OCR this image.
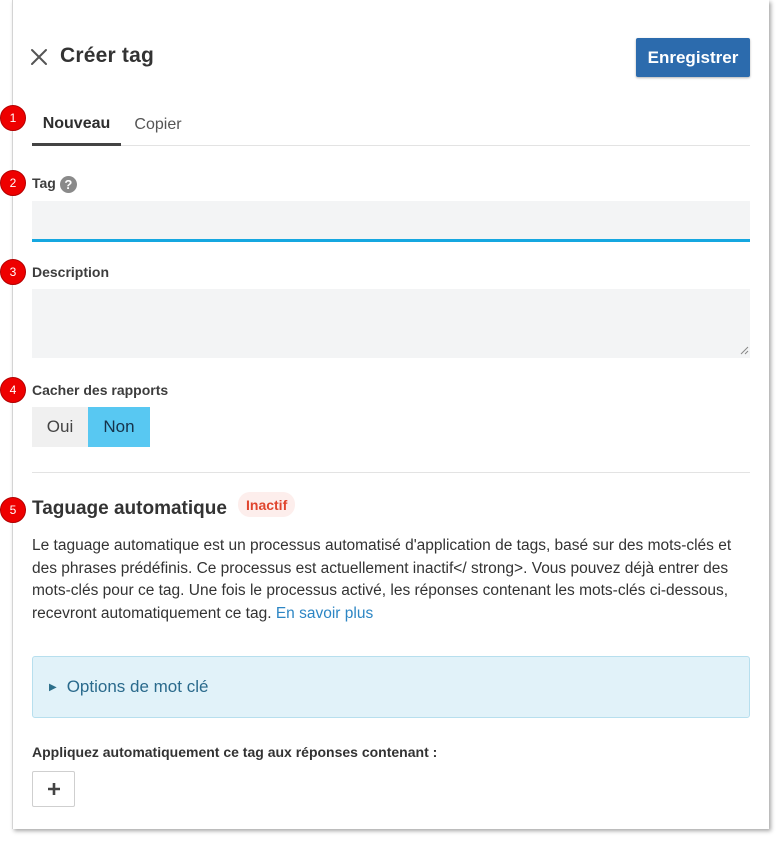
Créer tag	Enregistrer
1
2
3
4
5
Nouveau	Copier
Tag ?
Description
Cacher des rapports
Oui	Non
Taguage automatique	Inactif
Le taguage automatique est un processus automatisé d'application de tags, basé sur des mots-clés et des phrases prédéfinis. Ce processus est actuellement inactif</ strong>. Vous pouvez déjà entrer des mots-clés pour ce tag. Une fois le processus activé, les réponses contenant les mots-clés ci-dessous, recevront automatiquement ce tag. En savoir plus
▶ Options de mot clé
Appliquez automatiquement ce tag aux réponses contenant :
